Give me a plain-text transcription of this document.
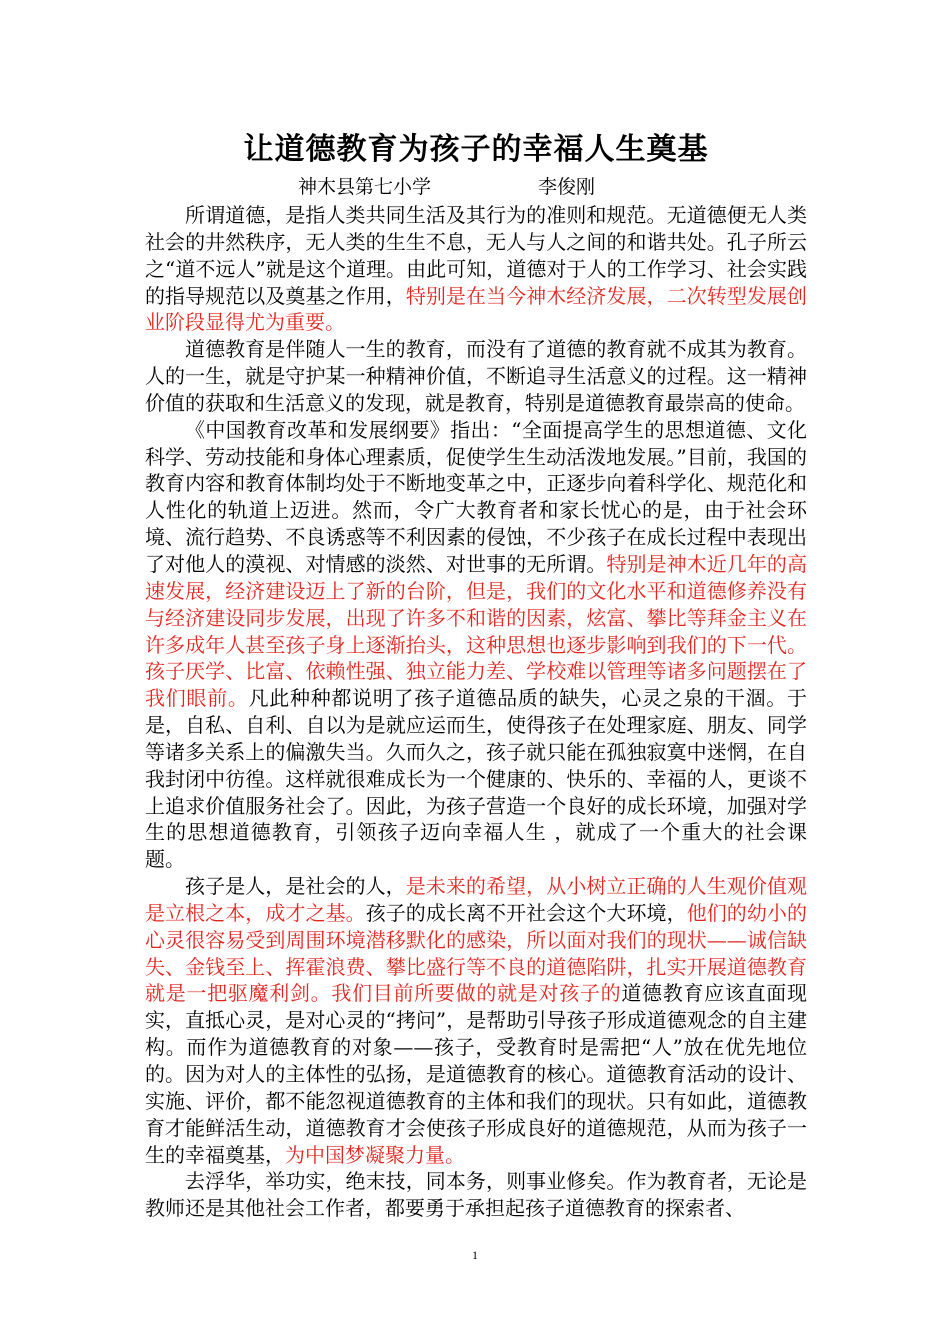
让道德教育为孩子的幸福人生奠基
神木县第七小学	李俊刚

所谓道德，是指人类共同生活及其行为的准则和规范。无道德便无人类社会的井然秩序，无人类的生生不息，无人与人之间的和谐共处。孔子所云之“道不远人”就是这个道理。由此可知，道德对于人的工作学习、社会实践的指导规范以及奠基之作用，特别是在当今神木经济发展，二次转型发展创业阶段显得尤为重要。

道德教育是伴随人一生的教育，而没有了道德的教育就不成其为教育。人的一生，就是守护某一种精神价值，不断追寻生活意义的过程。这一精神价值的获取和生活意义的发现，就是教育，特别是道德教育最崇高的使命。

《中国教育改革和发展纲要》指出：“全面提高学生的思想道德、文化科学、劳动技能和身体心理素质，促使学生生动活泼地发展。”目前，我国的教育内容和教育体制均处于不断地变革之中，正逐步向着科学化、规范化和人性化的轨道上迈进。然而，令广大教育者和家长忧心的是，由于社会环境、流行趋势、不良诱惑等不利因素的侵蚀，不少孩子在成长过程中表现出了对他人的漠视、对情感的淡然、对世事的无所谓。特别是神木近几年的高速发展，经济建设迈上了新的台阶，但是，我们的文化水平和道德修养没有与经济建设同步发展，出现了许多不和谐的因素，炫富、攀比等拜金主义在许多成年人甚至孩子身上逐渐抬头，这种思想也逐步影响到我们的下一代。孩子厌学、比富、依赖性强、独立能力差、学校难以管理等诸多问题摆在了我们眼前。凡此种种都说明了孩子道德品质的缺失，心灵之泉的干涸。于是，自私、自利、自以为是就应运而生，使得孩子在处理家庭、朋友、同学等诸多关系上的偏激失当。久而久之，孩子就只能在孤独寂寞中迷惘，在自我封闭中彷徨。这样就很难成长为一个健康的、快乐的、幸福的人，更谈不上追求价值服务社会了。因此，为孩子营造一个良好的成长环境，加强对学生的思想道德教育，引领孩子迈向幸福人生 ，就成了一个重大的社会课题。

孩子是人，是社会的人，是未来的希望，从小树立正确的人生观价值观是立根之本，成才之基。孩子的成长离不开社会这个大环境，他们的幼小的心灵很容易受到周围环境潜移默化的感染，所以面对我们的现状——诚信缺失、金钱至上、挥霍浪费、攀比盛行等不良的道德陷阱，扎实开展道德教育就是一把驱魔利剑。我们目前所要做的就是对孩子的道德教育应该直面现实，直抵心灵，是对心灵的“拷问”，是帮助引导孩子形成道德观念的自主建构。而作为道德教育的对象——孩子，受教育时是需把“人”放在优先地位的。因为对人的主体性的弘扬，是道德教育的核心。道德教育活动的设计、实施、评价，都不能忽视道德教育的主体和我们的现状。只有如此，道德教育才能鲜活生动，道德教育才会使孩子形成良好的道德规范，从而为孩子一生的幸福奠基，为中国梦凝聚力量。

去浮华，举功实，绝末技，同本务，则事业修矣。作为教育者，无论是教师还是其他社会工作者，都要勇于承担起孩子道德教育的探索者、

1
